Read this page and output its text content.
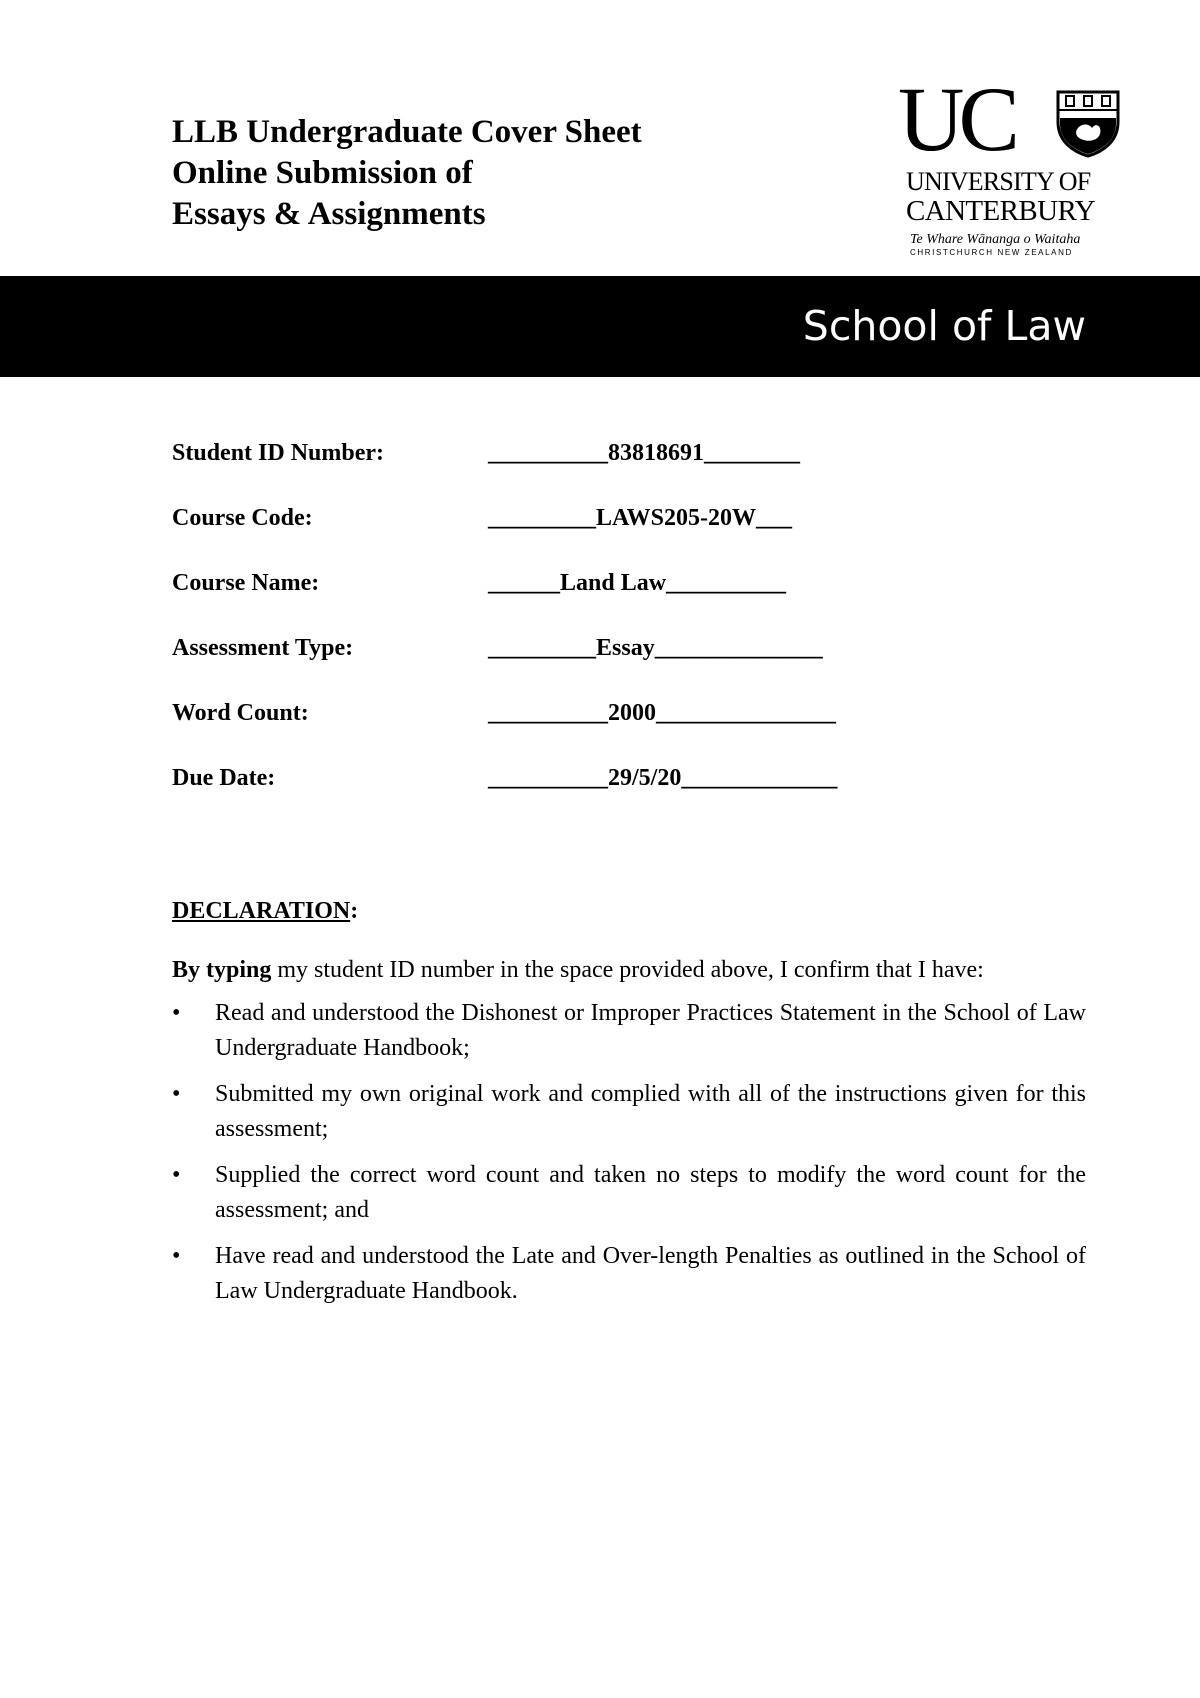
LLB Undergraduate Cover Sheet
Online Submission of
Essays & Assignments
UC
UNIVERSITY OF
CANTERBURY
Te Whare Wānanga o Waitaha
CHRISTCHURCH NEW ZEALAND
School of Law
Student ID Number:	__________83818691________
Course Code:	_________LAWS205-20W___
Course Name:	______Land Law__________
Assessment Type:	_________Essay______________
Word Count:	__________2000_______________
Due Date:	__________29/5/20_____________
DECLARATION:
By typing my student ID number in the space provided above, I confirm that I have:
• Read and understood the Dishonest or Improper Practices Statement in the School of Law Undergraduate Handbook;
• Submitted my own original work and complied with all of the instructions given for this assessment;
• Supplied the correct word count and taken no steps to modify the word count for the assessment; and
• Have read and understood the Late and Over-length Penalties as outlined in the School of Law Undergraduate Handbook.
